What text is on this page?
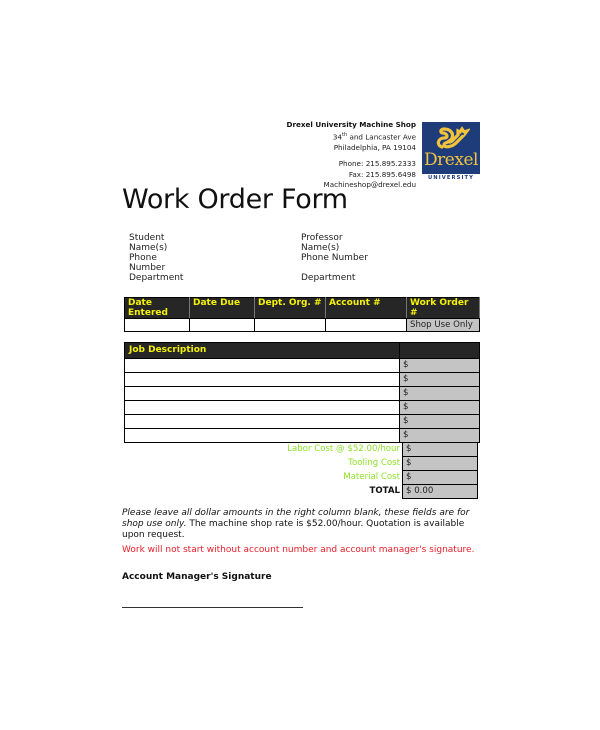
Drexel University Machine Shop
34th and Lancaster Ave
Philadelphia, PA 19104
Phone: 215.895.2333
Fax: 215.895.6498
Machineshop@drexel.edu
Drexel
UNIVERSITY
Work Order Form
Student
Name(s)
Phone
Number
Department
Professor
Name(s)
Phone Number
Department
Date
Entered	Date Due	Dept. Org. #	Account #	Work Order #
				Shop Use Only
Job Description	
	$
	$
	$
	$
	$
	$
Labor Cost @ $52.00/hour $
Tooling Cost $
Material Cost $
TOTAL $ 0.00
Please leave all dollar amounts in the right column blank, these fields are for shop use only. The machine shop rate is $52.00/hour. Quotation is available upon request.
Work will not start without account number and account manager's signature.
Account Manager's Signature
